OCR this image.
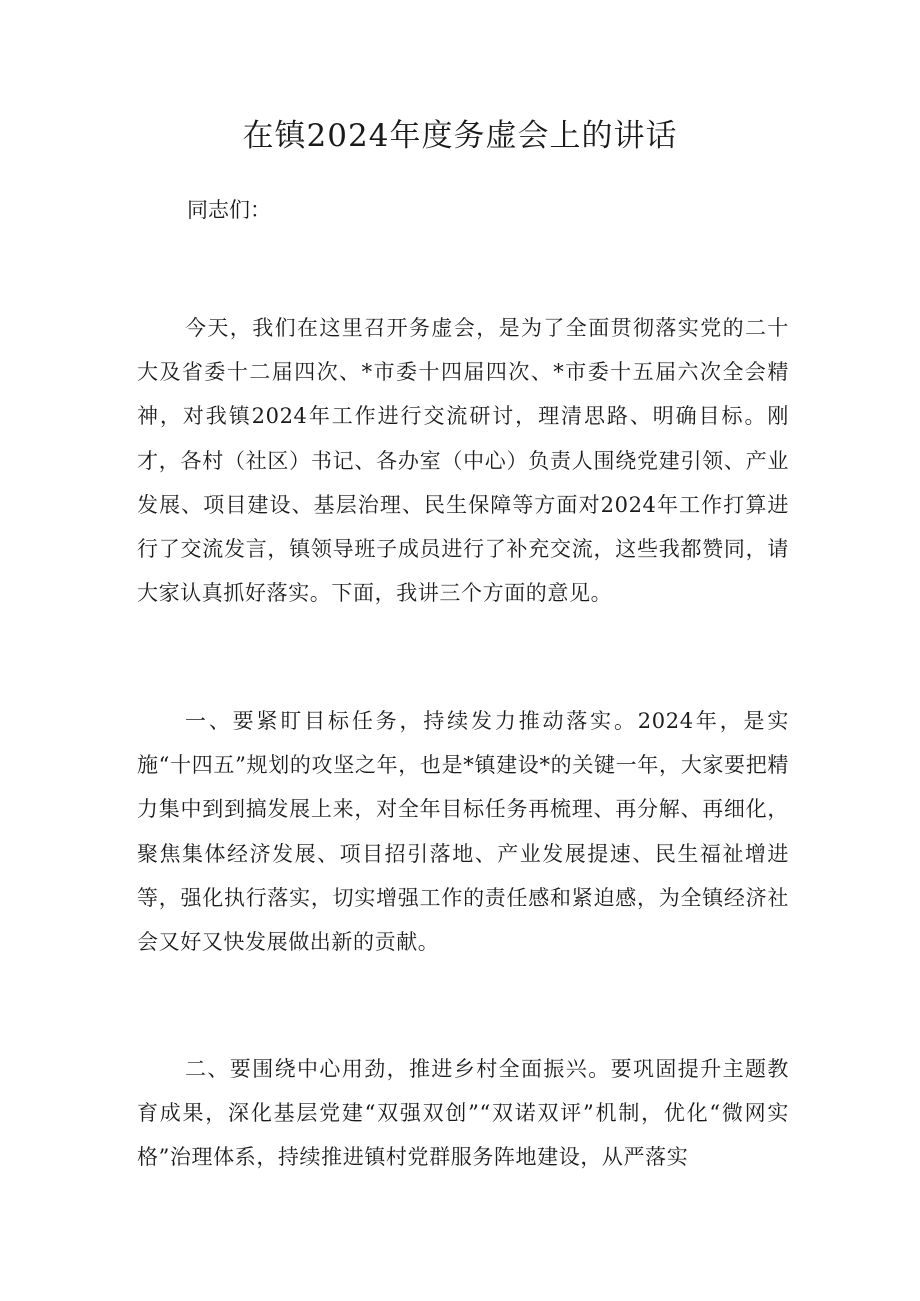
在镇2024年度务虚会上的讲话

同志们：

今天，我们在这里召开务虚会，是为了全面贯彻落实党的二十大及省委十二届四次、*市委十四届四次、*市委十五届六次全会精神，对我镇2024年工作进行交流研讨，理清思路、明确目标。刚才，各村（社区）书记、各办室（中心）负责人围绕党建引领、产业发展、项目建设、基层治理、民生保障等方面对2024年工作打算进行了交流发言，镇领导班子成员进行了补充交流，这些我都赞同，请大家认真抓好落实。下面，我讲三个方面的意见。

一、要紧盯目标任务，持续发力推动落实。2024年，是实施“十四五”规划的攻坚之年，也是*镇建设*的关键一年，大家要把精力集中到到搞发展上来，对全年目标任务再梳理、再分解、再细化，聚焦集体经济发展、项目招引落地、产业发展提速、民生福祉增进等，强化执行落实，切实增强工作的责任感和紧迫感，为全镇经济社会又好又快发展做出新的贡献。

二、要围绕中心用劲，推进乡村全面振兴。要巩固提升主题教育成果，深化基层党建“双强双创”“双诺双评”机制，优化“微网实格”治理体系，持续推进镇村党群服务阵地建设，从严落实
